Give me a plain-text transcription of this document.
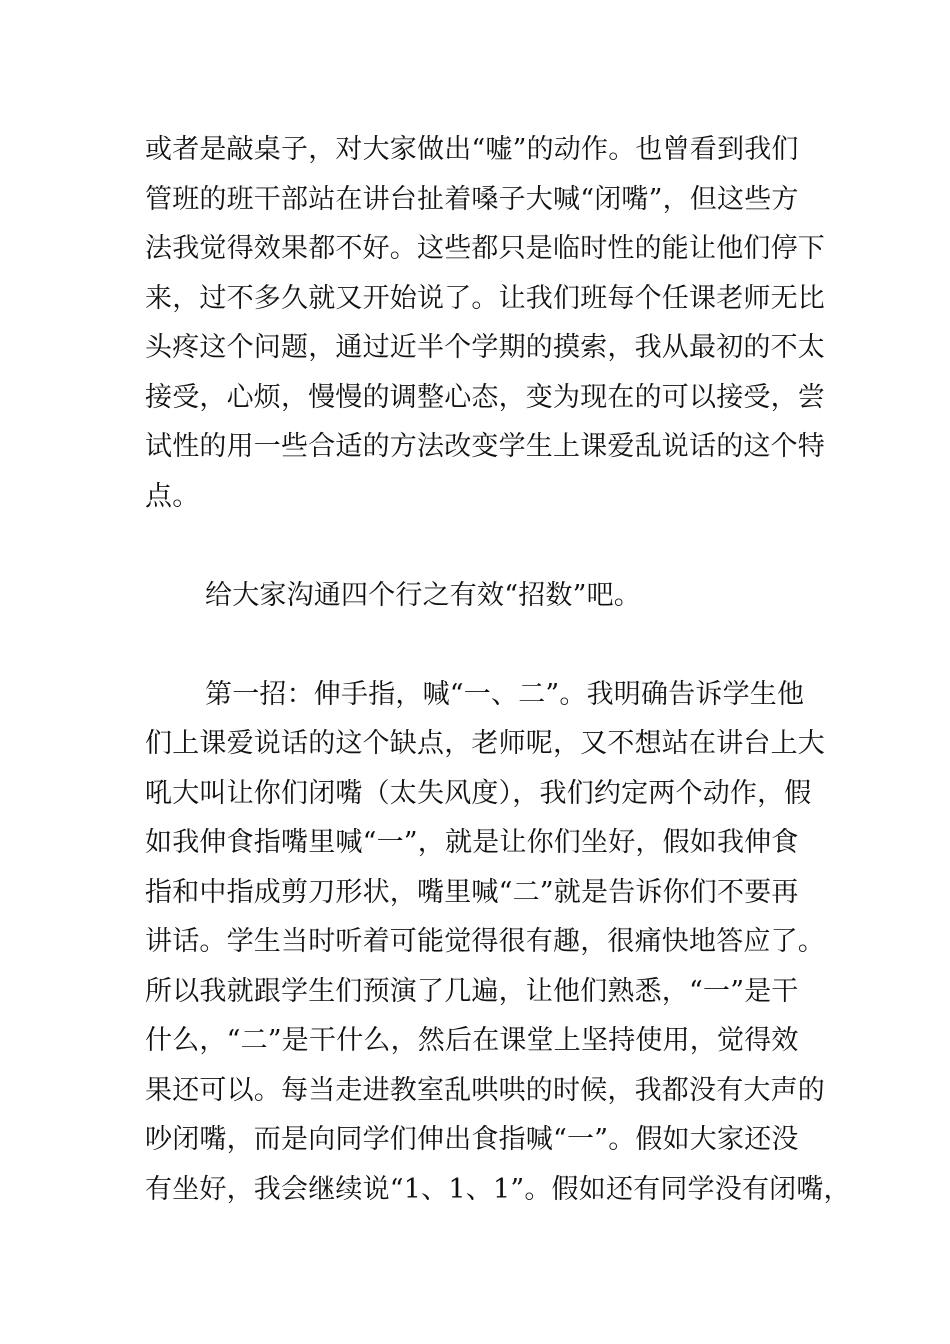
或者是敲桌子，对大家做出“嘘”的动作。也曾看到我们
管班的班干部站在讲台扯着嗓子大喊“闭嘴”，但这些方
法我觉得效果都不好。这些都只是临时性的能让他们停下
来，过不多久就又开始说了。让我们班每个任课老师无比
头疼这个问题，通过近半个学期的摸索，我从最初的不太
接受，心烦，慢慢的调整心态，变为现在的可以接受，尝
试性的用一些合适的方法改变学生上课爱乱说话的这个特
点。
给大家沟通四个行之有效“招数”吧。
第一招：伸手指，喊“一、二”。我明确告诉学生他
们上课爱说话的这个缺点，老师呢，又不想站在讲台上大
吼大叫让你们闭嘴（太失风度），我们约定两个动作，假
如我伸食指嘴里喊“一”，就是让你们坐好，假如我伸食
指和中指成剪刀形状，嘴里喊“二”就是告诉你们不要再
讲话。学生当时听着可能觉得很有趣，很痛快地答应了。
所以我就跟学生们预演了几遍，让他们熟悉，“一”是干
什么，“二”是干什么，然后在课堂上坚持使用，觉得效
果还可以。每当走进教室乱哄哄的时候，我都没有大声的
吵闭嘴，而是向同学们伸出食指喊“一”。假如大家还没
有坐好，我会继续说“1、1、1”。假如还有同学没有闭嘴，
